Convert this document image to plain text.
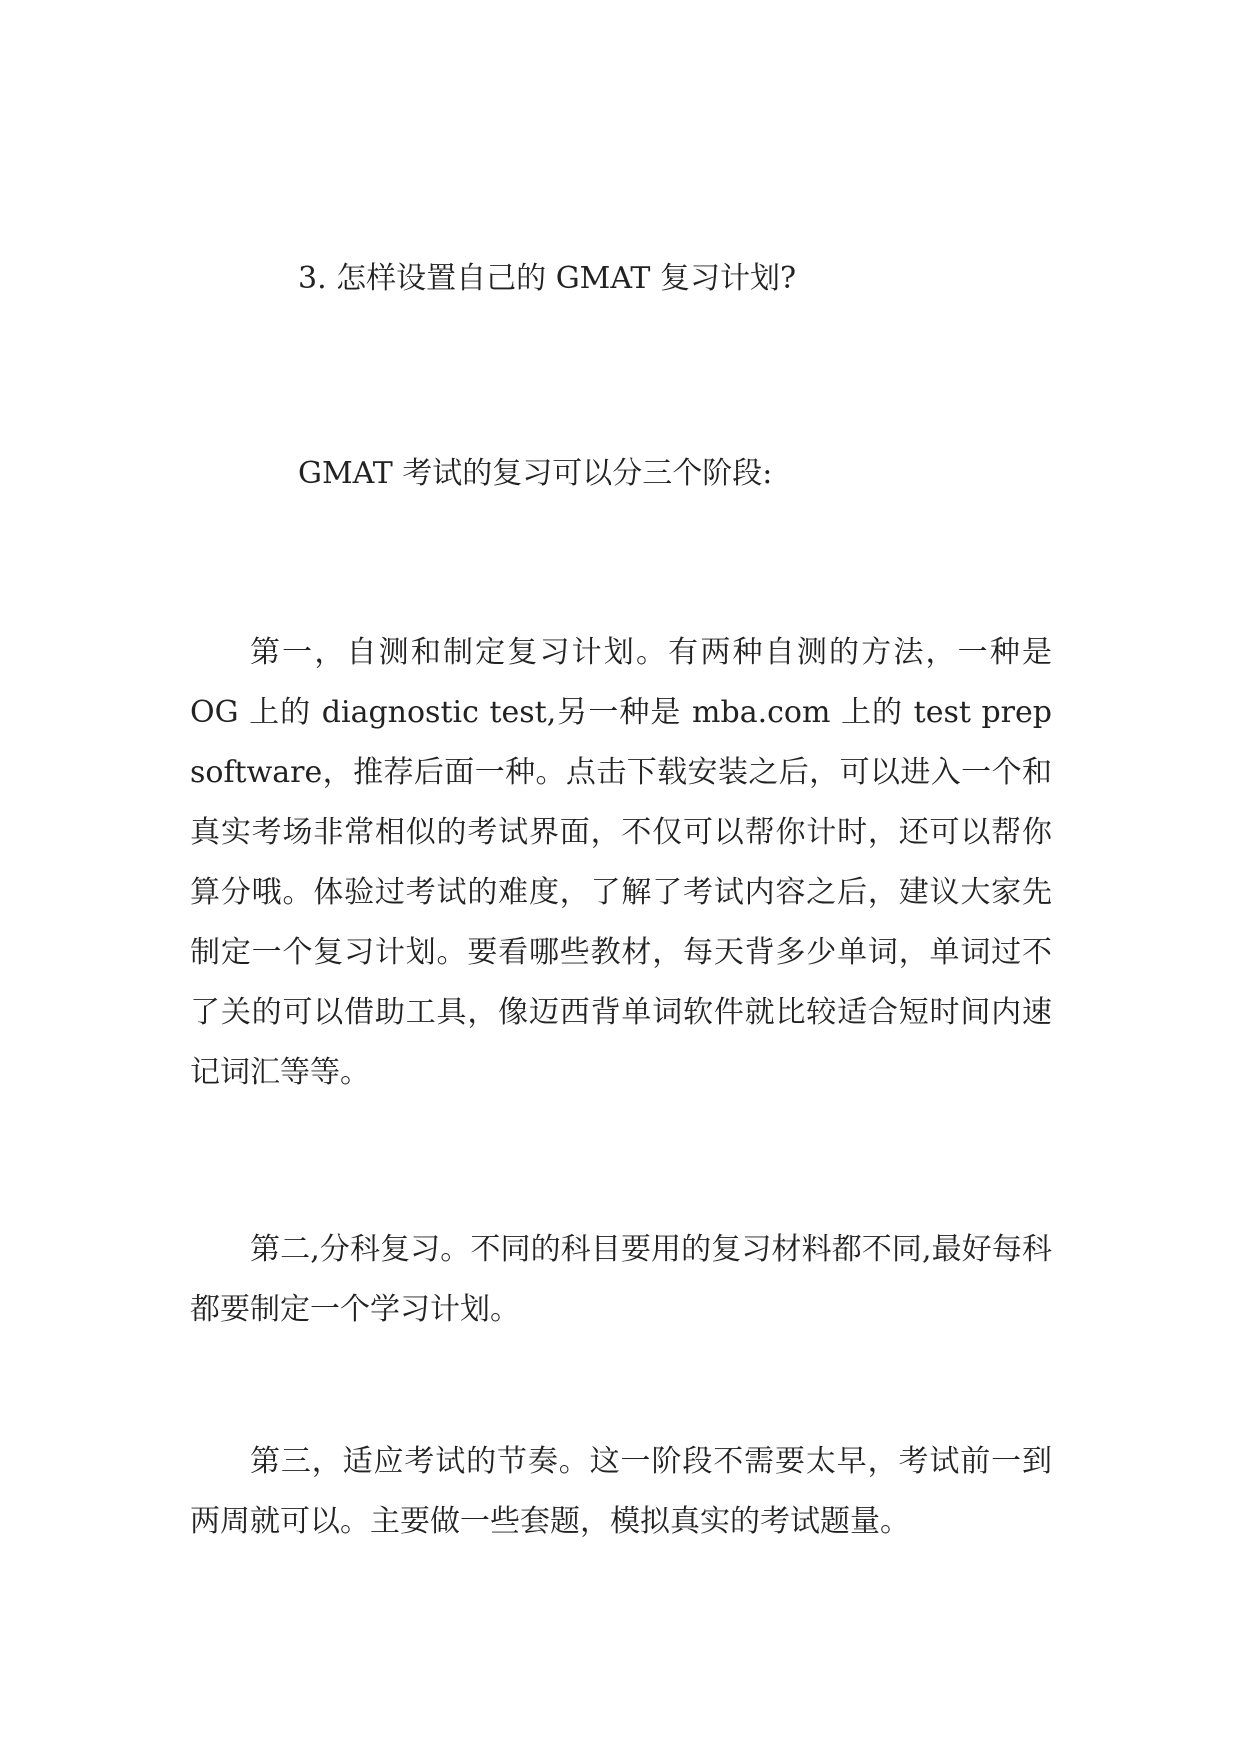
3. 怎样设置自己的 GMAT 复习计划?

GMAT 考试的复习可以分三个阶段:

第一，自测和制定复习计划。有两种自测的方法，一种是 OG 上的 diagnostic test,另一种是 mba.com 上的 test prep software，推荐后面一种。点击下载安装之后，可以进入一个和真实考场非常相似的考试界面，不仅可以帮你计时，还可以帮你算分哦。体验过考试的难度，了解了考试内容之后，建议大家先制定一个复习计划。要看哪些教材，每天背多少单词，单词过不了关的可以借助工具，像迈西背单词软件就比较适合短时间内速记词汇等等。

第二,分科复习。不同的科目要用的复习材料都不同,最好每科都要制定一个学习计划。

第三，适应考试的节奏。这一阶段不需要太早，考试前一到两周就可以。主要做一些套题，模拟真实的考试题量。
